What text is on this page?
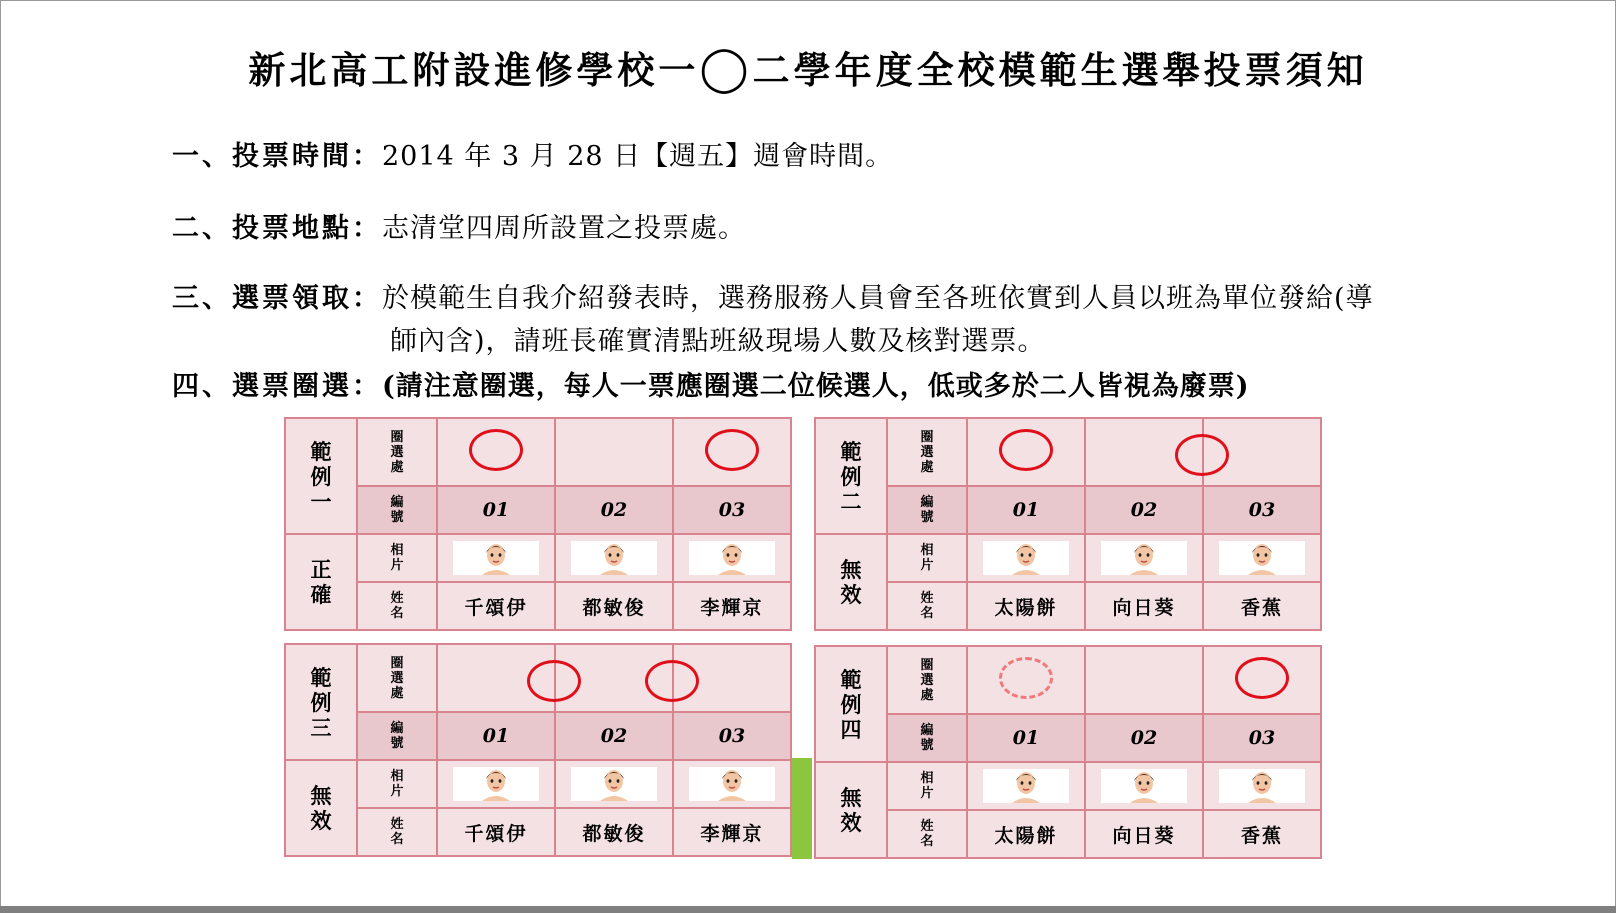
新北高工附設進修學校一◯二學年度全校模範生選舉投票須知
一、投票時間：2014 年 3 月 28 日【週五】週會時間。
二、投票地點：志清堂四周所設置之投票處。
三、選票領取：於模範生自我介紹發表時，選務服務人員會至各班依實到人員以班為單位發給(導
師內含)，請班長確實清點班級現場人數及核對選票。
四、選票圈選：(請注意圈選，每人一票應圈選二位候選人，低或多於二人皆視為廢票)
範例一	圈選處			

	編號	01	02	03

正確	相片

	姓名	千頌伊	都敏俊	李輝京
範例二	圈選處			

	編號	01	02	03

無效	相片

	姓名	太陽餅	向日葵	香蕉
範例三	圈選處			

	編號	01	02	03

無效	相片

	姓名	千頌伊	都敏俊	李輝京
範例四	圈選處			

	編號	01	02	03

無效	相片

	姓名	太陽餅	向日葵	香蕉
